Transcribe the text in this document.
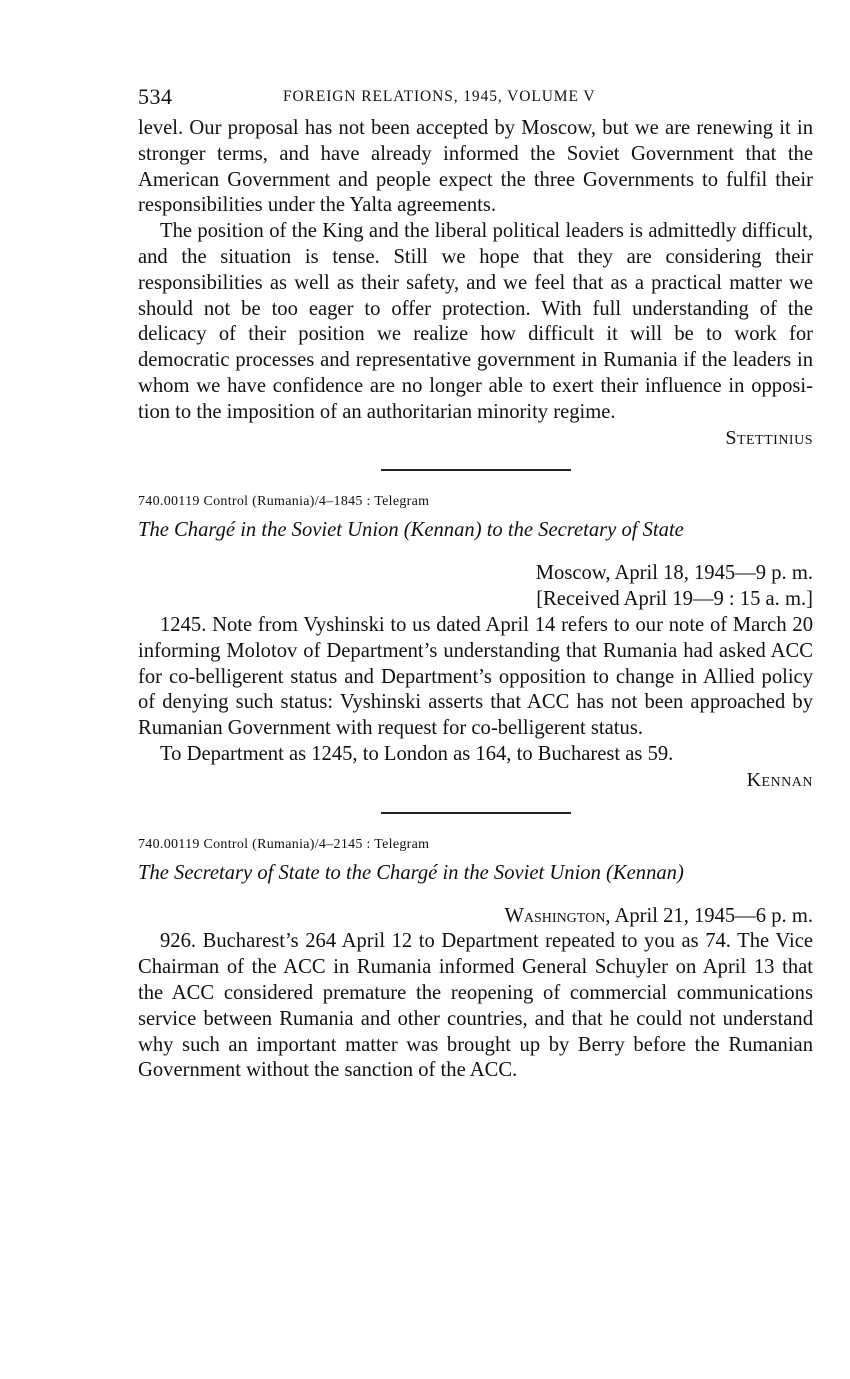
534	FOREIGN RELATIONS, 1945, VOLUME V

level. Our proposal has not been accepted by Moscow, but we are renewing it in stronger terms, and have already informed the Soviet Government that the American Government and people expect the three Governments to fulfil their responsibilities under the Yalta agreements.

The position of the King and the liberal political leaders is admittedly difficult, and the situation is tense. Still we hope that they are considering their responsibilities as well as their safety, and we feel that as a practical matter we should not be too eager to offer protection. With full understanding of the delicacy of their position we realize how difficult it will be to work for democratic processes and representative government in Rumania if the leaders in whom we have confidence are no longer able to exert their influence in opposition to the imposition of an authoritarian minority regime.

Stettinius
740.00119 Control (Rumania)/4–1845 : Telegram
The Chargé in the Soviet Union (Kennan) to the Secretary of State
Moscow, April 18, 1945—9 p. m.
[Received April 19—9 : 15 a. m.]

1245. Note from Vyshinski to us dated April 14 refers to our note of March 20 informing Molotov of Department’s understanding that Rumania had asked ACC for co-belligerent status and Department’s opposition to change in Allied policy of denying such status: Vyshinski asserts that ACC has not been approached by Rumanian Government with request for co-belligerent status.

To Department as 1245, to London as 164, to Bucharest as 59.

Kennan
740.00119 Control (Rumania)/4–2145 : Telegram
The Secretary of State to the Chargé in the Soviet Union (Kennan)
Washington, April 21, 1945—6 p. m.

926. Bucharest’s 264 April 12 to Department repeated to you as 74. The Vice Chairman of the ACC in Rumania informed General Schuyler on April 13 that the ACC considered premature the reopening of commercial communications service between Rumania and other countries, and that he could not understand why such an important matter was brought up by Berry before the Rumanian Government without the sanction of the ACC.
